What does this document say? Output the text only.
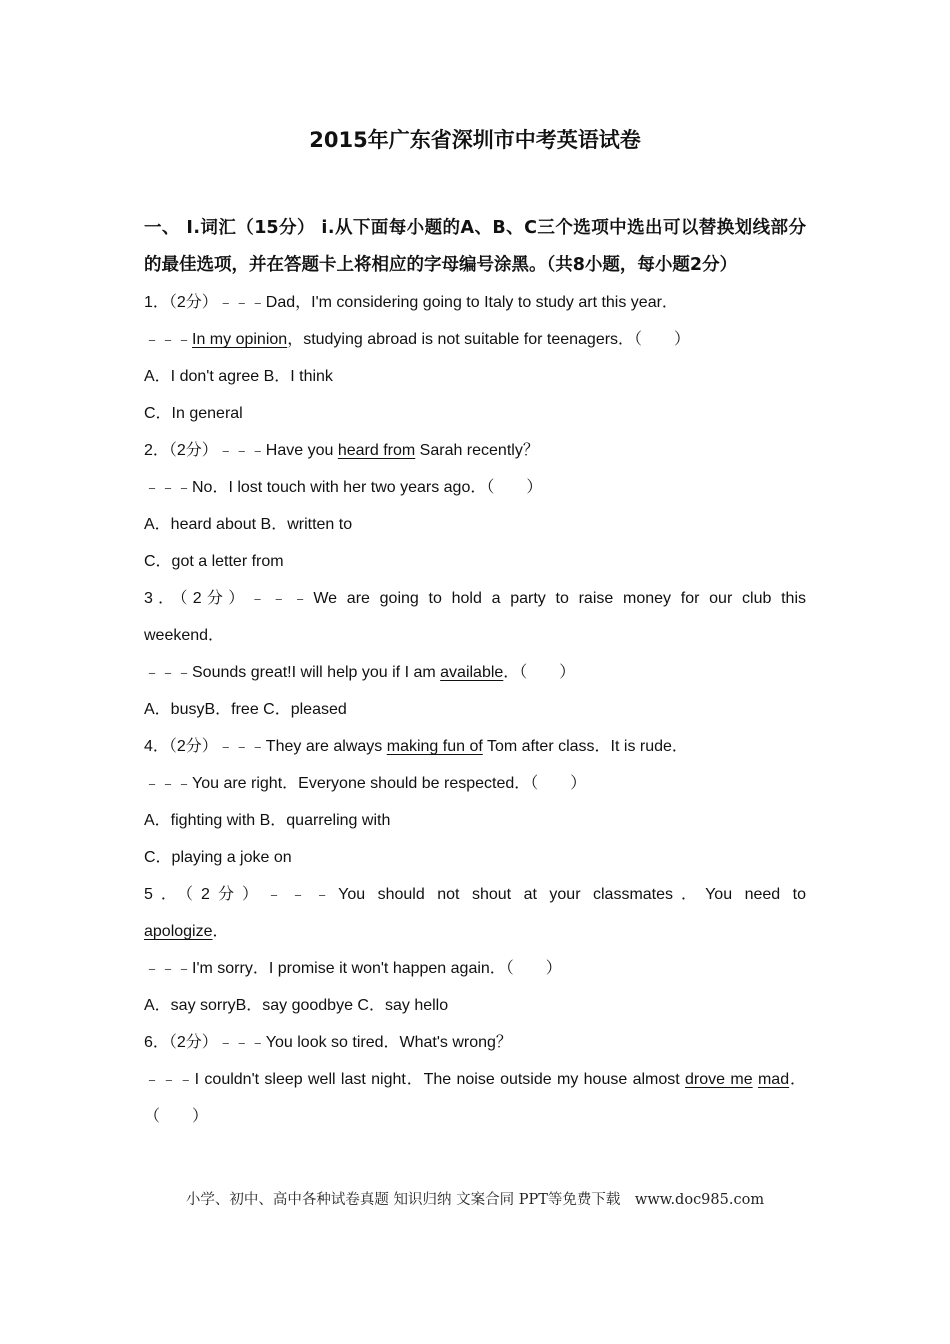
2015年广东省深圳市中考英语试卷
一、 Ⅰ.词汇（15分） ⅰ.从下面每小题的A、B、C三个选项中选出可以替换划线部分的最佳选项，并在答题卡上将相应的字母编号涂黑。（共8小题，每小题2分）
1．（2分）﹣﹣﹣Dad，I'm considering going to Italy to study art this year．
﹣﹣﹣In my opinion，studying abroad is not suitable for teenagers．（　　）
A．I don't agree B．I think
C．In general
2．（2分）﹣﹣﹣Have you heard from Sarah recently？
﹣﹣﹣No．I lost touch with her two years ago．（　　）
A．heard about B．written to
C．got a letter from
3．（2分）﹣﹣﹣We are going to hold a party to raise money for our club this
weekend．
﹣﹣﹣Sounds great!I will help you if I am available．（　　）
A．busyB．free C．pleased
4．（2分）﹣﹣﹣They are always making fun of Tom after class．It is rude．
﹣﹣﹣You are right．Everyone should be respected．（　　）
A．fighting with B．quarreling with
C．playing a joke on
5．（2分）﹣﹣﹣You should not shout at your classmates．You need to
apologize．
﹣﹣﹣I'm sorry．I promise it won't happen again．（　　）
A．say sorryB．say goodbye C．say hello
6．（2分）﹣﹣﹣You look so tired．What's wrong？
﹣﹣﹣I couldn't sleep well last night．The noise outside my house almost drove me mad．（　　）
小学、初中、高中各种试卷真题 知识归纳 文案合同 PPT等免费下载　www.doc985.com
